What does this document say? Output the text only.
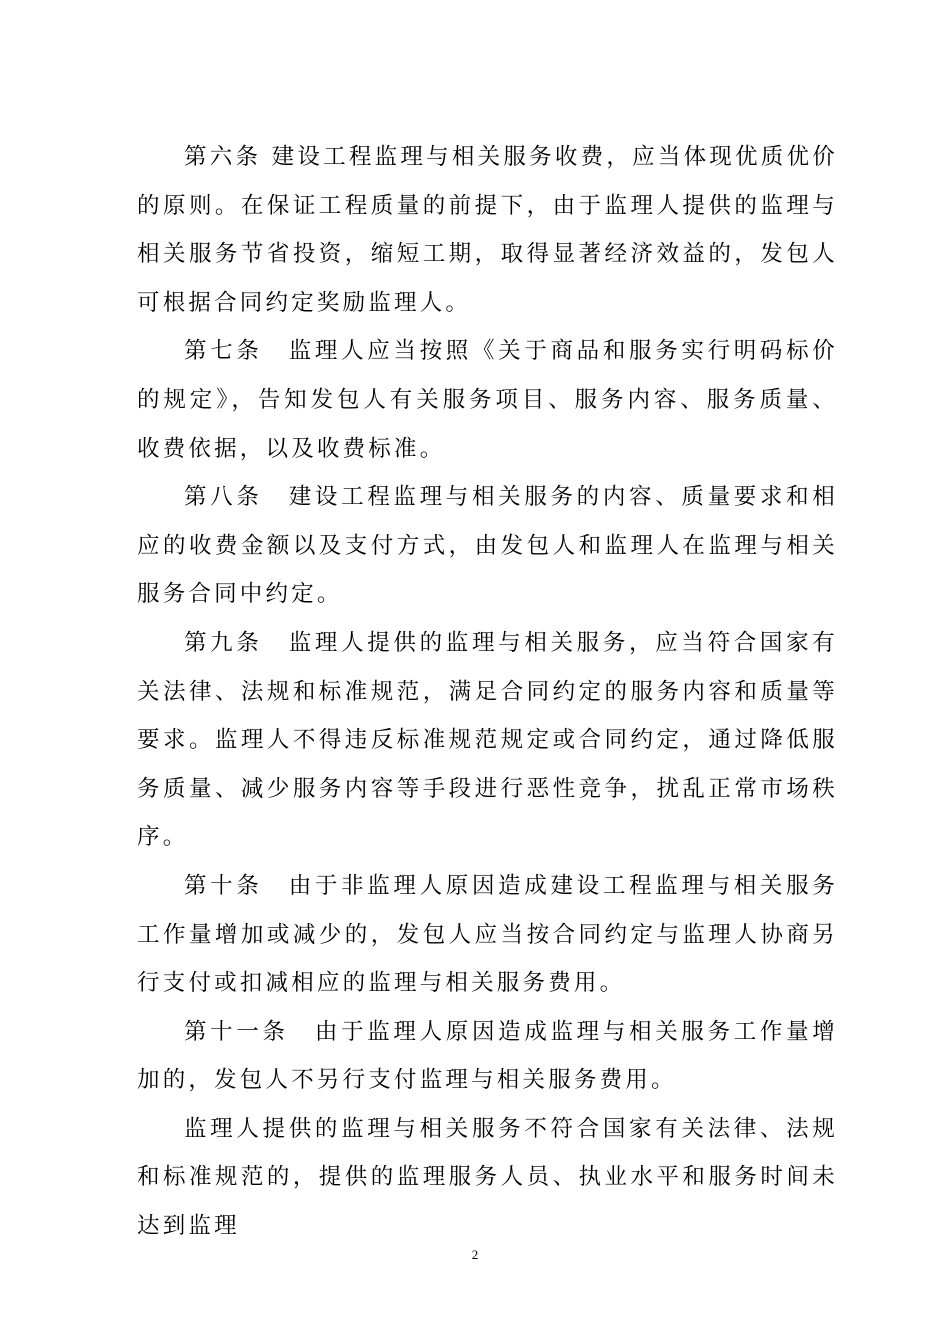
第六条 建设工程监理与相关服务收费，应当体现优质优价的原则。在保证工程质量的前提下，由于监理人提供的监理与相关服务节省投资，缩短工期，取得显著经济效益的，发包人可根据合同约定奖励监理人。

第七条　监理人应当按照《关于商品和服务实行明码标价的规定》，告知发包人有关服务项目、服务内容、服务质量、收费依据，以及收费标准。

第八条　建设工程监理与相关服务的内容、质量要求和相应的收费金额以及支付方式，由发包人和监理人在监理与相关服务合同中约定。

第九条　监理人提供的监理与相关服务，应当符合国家有关法律、法规和标准规范，满足合同约定的服务内容和质量等要求。监理人不得违反标准规范规定或合同约定，通过降低服务质量、减少服务内容等手段进行恶性竞争，扰乱正常市场秩序。

第十条　由于非监理人原因造成建设工程监理与相关服务工作量增加或减少的，发包人应当按合同约定与监理人协商另行支付或扣减相应的监理与相关服务费用。

第十一条　由于监理人原因造成监理与相关服务工作量增加的，发包人不另行支付监理与相关服务费用。

监理人提供的监理与相关服务不符合国家有关法律、法规和标准规范的，提供的监理服务人员、执业水平和服务时间未达到监理

2
